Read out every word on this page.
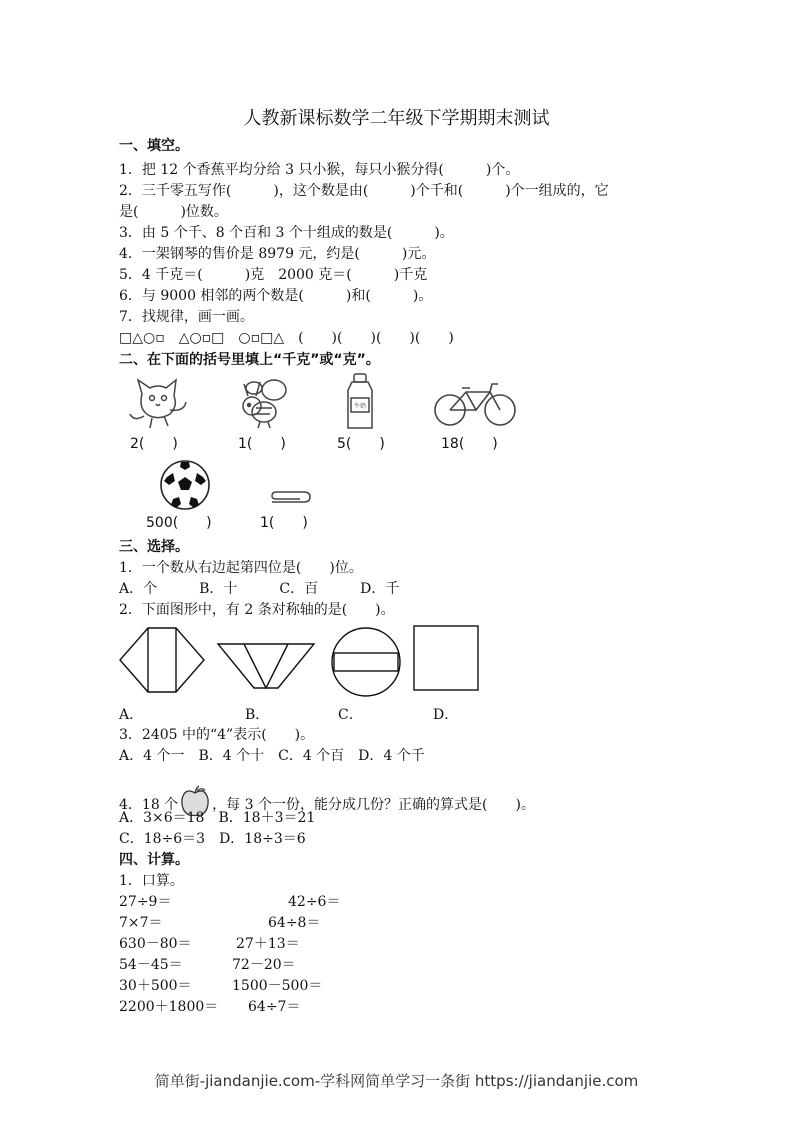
人教新课标数学二年级下学期期末测试
一、填空。
1．把 12 个香蕉平均分给 3 只小猴，每只小猴分得(　　　)个。
2．三千零五写作(　　　)，这个数是由(　　　)个千和(　　　)个一组成的，它
是(　　　)位数。
3．由 5 个千、8 个百和 3 个十组成的数是(　　　)。
4．一架钢琴的售价是 8979 元，约是(　　　)元。
5．4 千克＝(　　　)克　2000 克＝(　　　)千克
6．与 9000 相邻的两个数是(　　　)和(　　　)。
7．找规律，画一画。
□△○▫　△○▫□　○▫□△　(　　)(　　)(　　)(　　)
二、在下面的括号里填上“千克”或“克”。
2(　　)	1(　　)
牛奶
5(　　)	18(　　)
500(　　)	1(　　)
三、选择。
1．一个数从右边起第四位是(　　)位。
A．个　　　B．十　　　C．百　　　D．千
2．下面图形中，有 2 条对称轴的是(　　)。
A．	B．	C．	D．
3．2405 中的“4”表示(　　)。
A．4 个一　B．4 个十　C．4 个百　D．4 个千
4．18 个 ，每 3 个一份，能分成几份？正确的算式是(　　)。
A．3×6＝18　B．18＋3＝21
C．18÷6＝3　D．18÷3＝6
四、计算。
1．口算。
27÷9＝	42÷6＝
7×7＝	64÷8＝
630－80＝	27＋13＝
54－45＝	72－20＝
30＋500＝	1500－500＝
2200＋1800＝ 64÷7＝
简单街-jiandanjie.com-学科网简单学习一条街 https://jiandanjie.com
